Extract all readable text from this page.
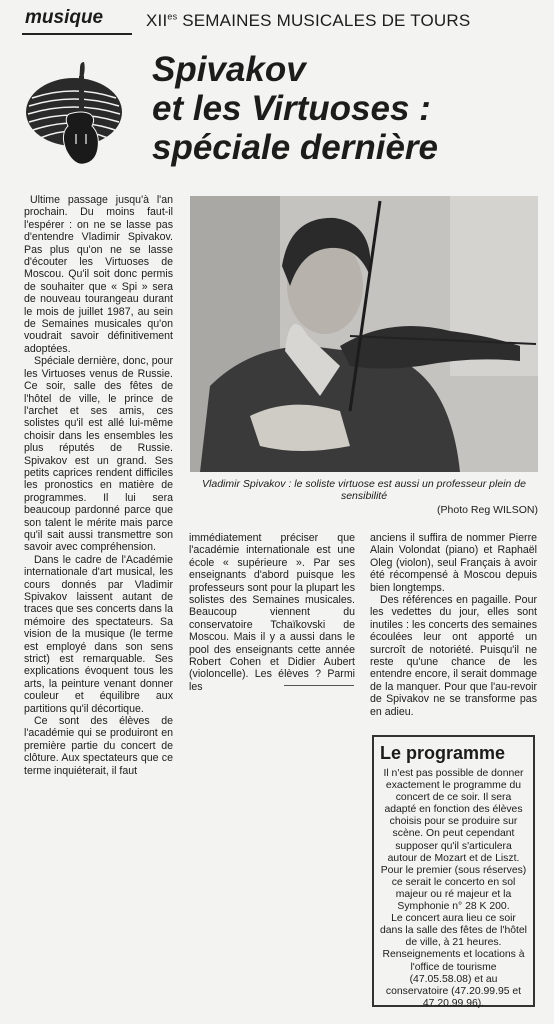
musique	$XII^{es}$ SEMAINES MUSICALES DE TOURS
Spivakov
et les Virtuoses :
spéciale dernière

Ultime passage jusqu'à l'an prochain. Du moins faut-il l'espérer : on ne se lasse pas d'entendre Vladimir Spivakov. Pas plus qu'on ne se lasse d'écouter les Virtuoses de Moscou. Qu'il soit donc permis de souhaiter que « Spi » sera de nouveau tourangeau durant le mois de juillet 1987, au sein de Semaines musicales qu'on voudrait savoir définitivement adoptées.

Spéciale dernière, donc, pour les Virtuoses venus de Russie. Ce soir, salle des fêtes de l'hôtel de ville, le prince de l'archet et ses amis, ces solistes qu'il est allé lui-même choisir dans les ensembles les plus réputés de Russie. Spivakov est un grand. Ses petits caprices rendent difficiles les pronostics en matière de programmes. Il lui sera beaucoup pardonné parce que son talent le mérite mais parce qu'il sait aussi transmettre son savoir avec compréhension.

Dans le cadre de l'Académie internationale d'art musical, les cours donnés par Vladimir Spivakov laissent autant de traces que ses concerts dans la mémoire des spectateurs. Sa vision de la musique (le terme est employé dans son sens strict) est remarquable. Ses explications évoquent tous les arts, la peinture venant donner couleur et équilibre aux partitions qu'il décortique.

Ce sont des élèves de l'académie qui se produiront en première partie du concert de clôture. Aux spectateurs que ce terme inquiéterait, il faut

Vladimir Spivakov : le soliste virtuose est aussi un professeur plein de sensibilité
(Photo Reg WILSON)

immédiatement préciser que l'académie internationale est une école « supérieure ». Par ses enseignants d'abord puisque les professeurs sont pour la plupart les solistes des Semaines musicales. Beaucoup viennent du conservatoire Tchaïkovski de Moscou. Mais il y a aussi dans le pool des enseignants cette année Robert Cohen et Didier Aubert (violoncelle). Les élèves ? Parmi les

anciens il suffira de nommer Pierre Alain Volondat (piano) et Raphaël Oleg (violon), seul Français à avoir été récompensé à Moscou depuis bien longtemps.

Des références en pagaille. Pour les vedettes du jour, elles sont inutiles : les concerts des semaines écoulées leur ont apporté un surcroît de notoriété. Puisqu'il ne reste qu'une chance de les entendre encore, il serait dommage de la manquer. Pour que l'au-revoir de Spivakov ne se transforme pas en adieu.

Le programme

Il n'est pas possible de donner exactement le programme du concert de ce soir. Il sera adapté en fonction des élèves choisis pour se produire sur scène. On peut cependant supposer qu'il s'articulera autour de Mozart et de Liszt. Pour le premier (sous réserves) ce serait le concerto en sol majeur ou ré majeur et la Symphonie n° 28 K 200.

Le concert aura lieu ce soir dans la salle des fêtes de l'hôtel de ville, à 21 heures. Renseignements et locations à l'office de tourisme (47.05.58.08) et au conservatoire (47.20.99.95 et 47.20.99.96).
